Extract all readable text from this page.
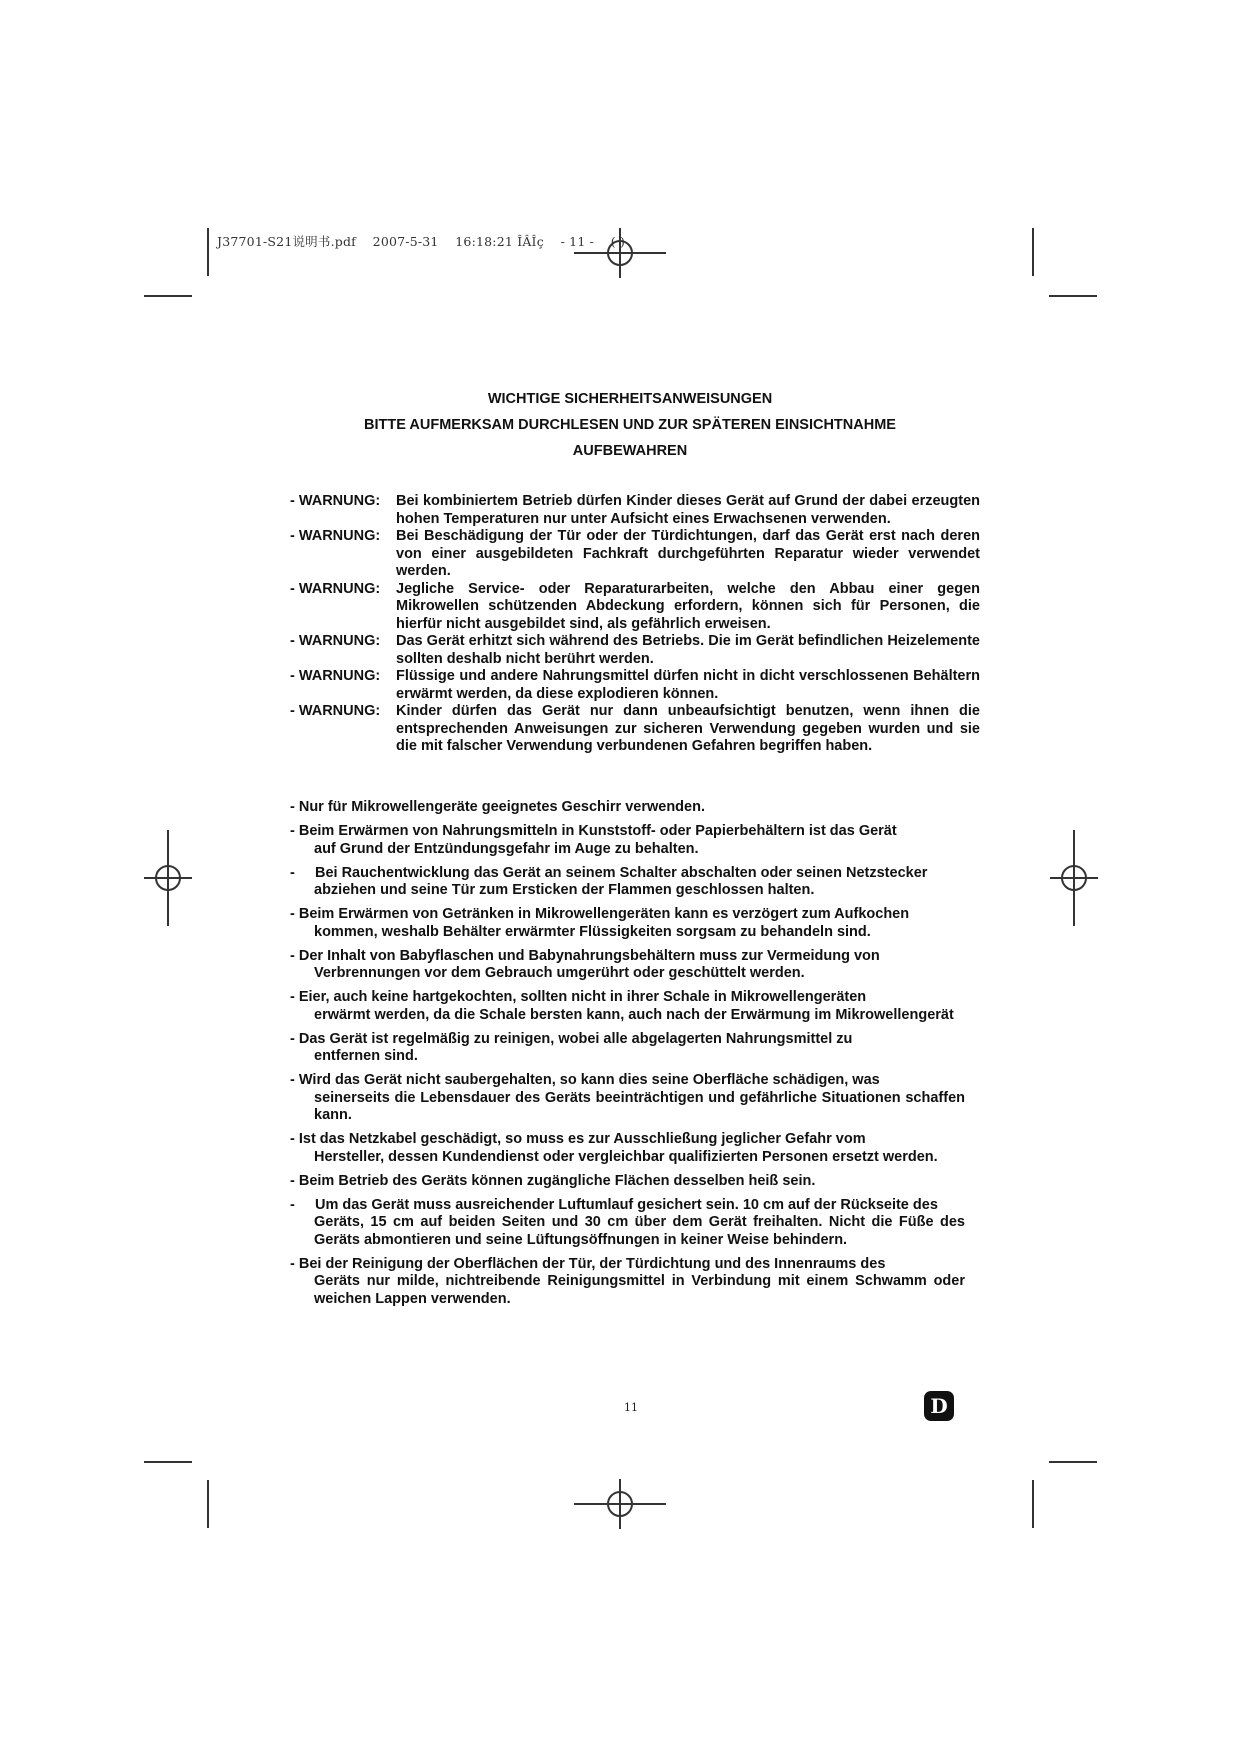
J37701-S21说明书.pdf    2007-5-31    16:18:21 ÎÂÎç    - 11 -    ( )
WICHTIGE SICHERHEITSANWEISUNGEN
BITTE AUFMERKSAM DURCHLESEN UND ZUR SPÄTEREN EINSICHTNAHME
AUFBEWAHREN
- WARNUNG: Bei kombiniertem Betrieb dürfen Kinder dieses Gerät auf Grund der dabei erzeugten hohen Temperaturen nur unter Aufsicht eines Erwachsenen verwenden.
- WARNUNG: Bei Beschädigung der Tür oder der Türdichtungen, darf das Gerät erst nach deren von einer ausgebildeten Fachkraft durchgeführten Reparatur wieder verwendet werden.
- WARNUNG: Jegliche Service- oder Reparaturarbeiten, welche den Abbau einer gegen Mikrowellen schützenden Abdeckung erfordern, können sich für Personen, die hierfür nicht ausgebildet sind, als gefährlich erweisen.
- WARNUNG: Das Gerät erhitzt sich während des Betriebs. Die im Gerät befindlichen Heizelemente sollten deshalb nicht berührt werden.
- WARNUNG: Flüssige und andere Nahrungsmittel dürfen nicht in dicht verschlossenen Behältern erwärmt werden, da diese explodieren können.
- WARNUNG: Kinder dürfen das Gerät nur dann unbeaufsichtigt benutzen, wenn ihnen die entsprechenden Anweisungen zur sicheren Verwendung gegeben wurden und sie die mit falscher Verwendung verbundenen Gefahren begriffen haben.
- Nur für Mikrowellengeräte geeignetes Geschirr verwenden.
- Beim Erwärmen von Nahrungsmitteln in Kunststoff- oder Papierbehältern ist das Gerät
auf Grund der Entzündungsgefahr im Auge zu behalten.
-     Bei Rauchentwicklung das Gerät an seinem Schalter abschalten oder seinen Netzstecker
abziehen und seine Tür zum Ersticken der Flammen geschlossen halten.
- Beim Erwärmen von Getränken in Mikrowellengeräten kann es verzögert zum Aufkochen
kommen, weshalb Behälter erwärmter Flüssigkeiten sorgsam zu behandeln sind.
- Der Inhalt von Babyflaschen und Babynahrungsbehältern muss zur Vermeidung von
Verbrennungen vor dem Gebrauch umgerührt oder geschüttelt werden.
- Eier, auch keine hartgekochten, sollten nicht in ihrer Schale in Mikrowellengeräten
erwärmt werden, da die Schale bersten kann, auch nach der Erwärmung im Mikrowellengerät
- Das Gerät ist regelmäßig zu reinigen, wobei alle abgelagerten Nahrungsmittel zu
entfernen sind.
- Wird das Gerät nicht saubergehalten, so kann dies seine Oberfläche schädigen, was
seinerseits die Lebensdauer des Geräts beeinträchtigen und gefährliche Situationen schaffen kann.
- Ist das Netzkabel geschädigt, so muss es zur Ausschließung jeglicher Gefahr vom
Hersteller, dessen Kundendienst oder vergleichbar qualifizierten Personen ersetzt werden.
- Beim Betrieb des Geräts können zugängliche Flächen desselben heiß sein.
-     Um das Gerät muss ausreichender Luftumlauf gesichert sein. 10 cm auf der Rückseite des
Geräts, 15 cm auf beiden Seiten und 30 cm über dem Gerät freihalten. Nicht die Füße des Geräts abmontieren und seine Lüftungsöffnungen in keiner Weise behindern.
- Bei der Reinigung der Oberflächen der Tür, der Türdichtung und des Innenraums des
Geräts nur milde, nichtreibende Reinigungsmittel in Verbindung mit einem Schwamm oder weichen Lappen verwenden.
11	D
